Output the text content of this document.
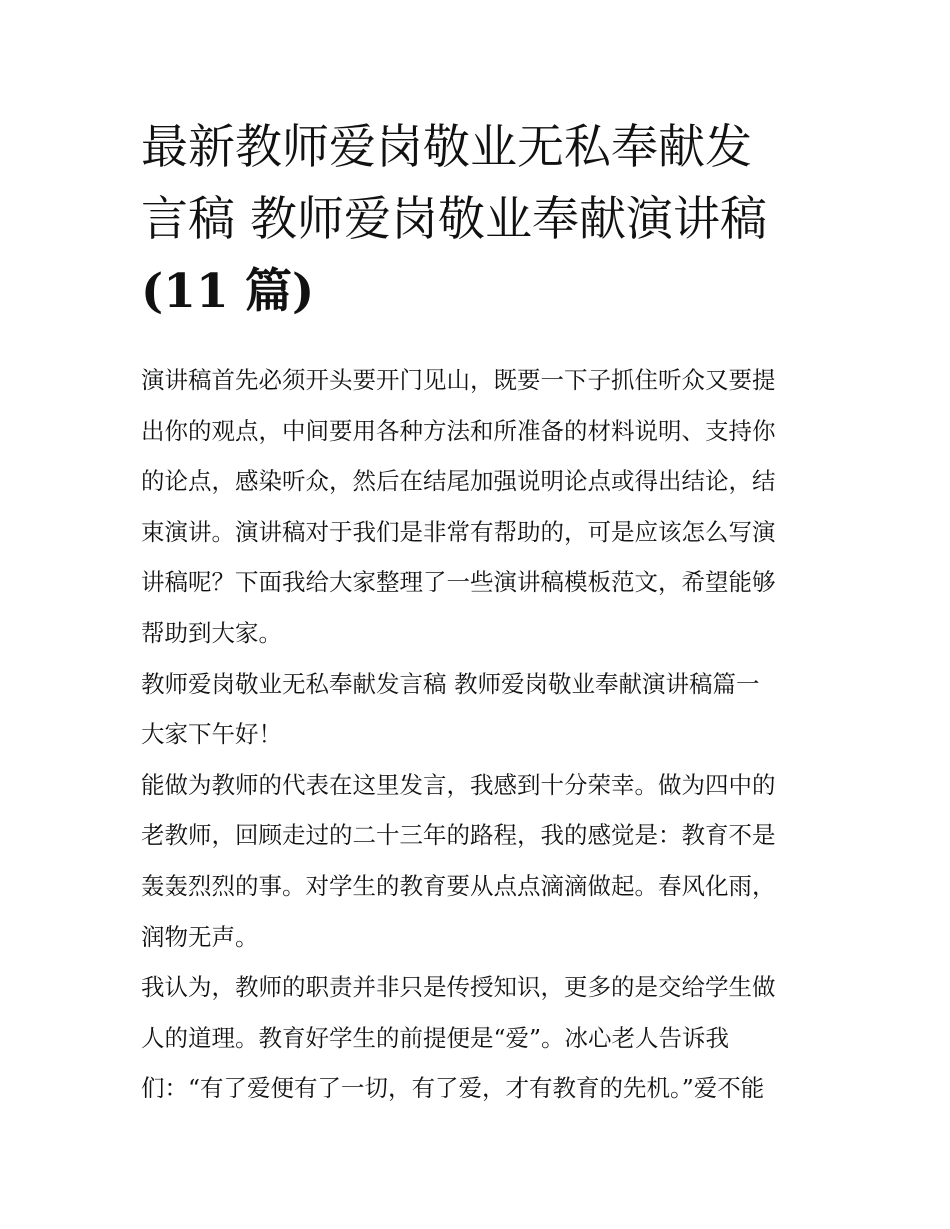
最新教师爱岗敬业无私奉献发
言稿 教师爱岗敬业奉献演讲稿
(11 篇)
演讲稿首先必须开头要开门见山，既要一下子抓住听众又要提
出你的观点，中间要用各种方法和所准备的材料说明、支持你
的论点，感染听众，然后在结尾加强说明论点或得出结论，结
束演讲。演讲稿对于我们是非常有帮助的，可是应该怎么写演
讲稿呢？下面我给大家整理了一些演讲稿模板范文，希望能够
帮助到大家。
教师爱岗敬业无私奉献发言稿 教师爱岗敬业奉献演讲稿篇一
大家下午好！
能做为教师的代表在这里发言，我感到十分荣幸。做为四中的
老教师，回顾走过的二十三年的路程，我的感觉是：教育不是
轰轰烈烈的事。对学生的教育要从点点滴滴做起。春风化雨，
润物无声。
我认为，教师的职责并非只是传授知识，更多的是交给学生做
人的道理。教育好学生的前提便是“爱”。冰心老人告诉我
们：“有了爱便有了一切，有了爱，才有教育的先机。”爱不能
